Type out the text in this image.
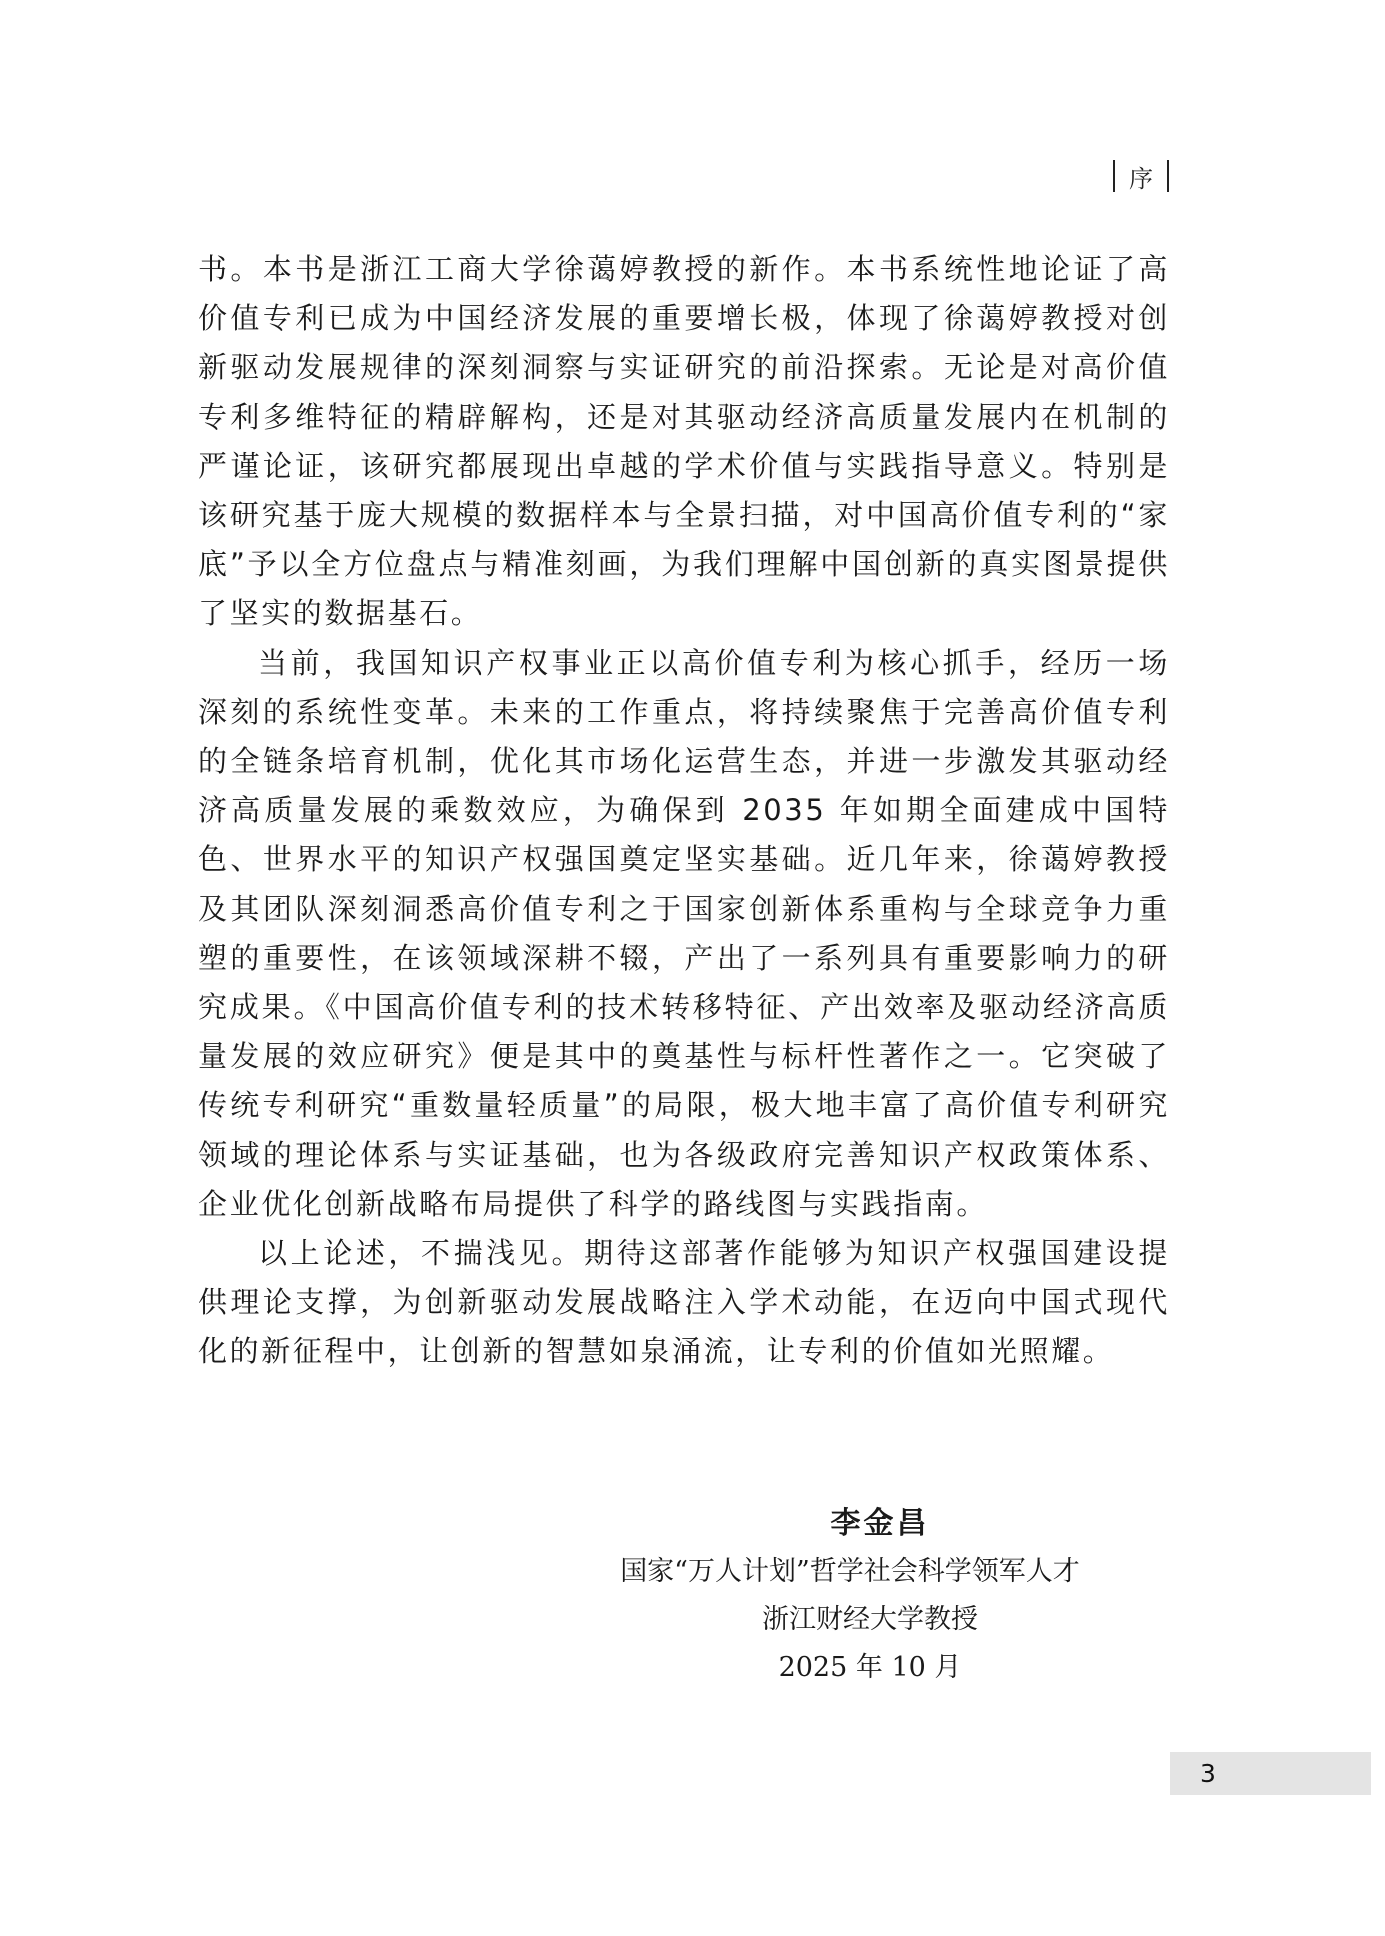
序

书。本书是浙江工商大学徐蔼婷教授的新作。本书系统性地论证了高价值专利已成为中国经济发展的重要增长极，体现了徐蔼婷教授对创新驱动发展规律的深刻洞察与实证研究的前沿探索。无论是对高价值专利多维特征的精辟解构，还是对其驱动经济高质量发展内在机制的严谨论证，该研究都展现出卓越的学术价值与实践指导意义。特别是该研究基于庞大规模的数据样本与全景扫描，对中国高价值专利的“家底”予以全方位盘点与精准刻画，为我们理解中国创新的真实图景提供了坚实的数据基石。

当前，我国知识产权事业正以高价值专利为核心抓手，经历一场深刻的系统性变革。未来的工作重点，将持续聚焦于完善高价值专利的全链条培育机制，优化其市场化运营生态，并进一步激发其驱动经济高质量发展的乘数效应，为确保到 2035 年如期全面建成中国特色、世界水平的知识产权强国奠定坚实基础。近几年来，徐蔼婷教授及其团队深刻洞悉高价值专利之于国家创新体系重构与全球竞争力重塑的重要性，在该领域深耕不辍，产出了一系列具有重要影响力的研究成果。《中国高价值专利的技术转移特征、产出效率及驱动经济高质量发展的效应研究》便是其中的奠基性与标杆性著作之一。它突破了传统专利研究“重数量轻质量”的局限，极大地丰富了高价值专利研究领域的理论体系与实证基础，也为各级政府完善知识产权政策体系、企业优化创新战略布局提供了科学的路线图与实践指南。

以上论述，不揣浅见。期待这部著作能够为知识产权强国建设提供理论支撑，为创新驱动发展战略注入学术动能，在迈向中国式现代化的新征程中，让创新的智慧如泉涌流，让专利的价值如光照耀。

李金昌
国家“万人计划”哲学社会科学领军人才
浙江财经大学教授
2025 年 10 月
3
